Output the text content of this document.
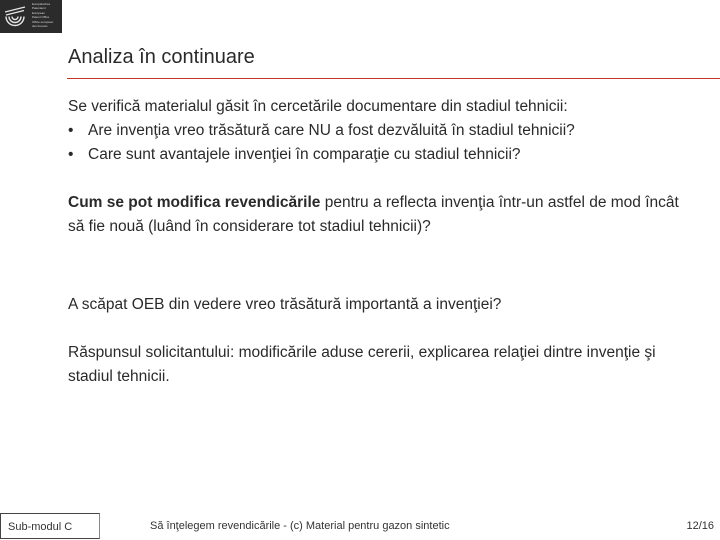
Europäisches
Patentamt
European
Patent Office
Office européen
des brevets
Analiza în continuare

Se verifică materialul găsit în cercetările documentare din stadiul tehnicii:

• Are invenţia vreo trăsătură care NU a fost dezvăluită în stadiul tehnicii?
• Care sunt avantajele invenţiei în comparaţie cu stadiul tehnicii?

Cum se pot modifica revendicările pentru a reflecta invenţia într-un astfel de mod încât să fie nouă (luând în considerare tot stadiul tehnicii)?

A scăpat OEB din vedere vreo trăsătură importantă a invenţiei?

Răspunsul solicitantului: modificările aduse cererii, explicarea relaţiei dintre invenţie şi stadiul tehnicii.

Sub-modul C	Să înţelegem revendicările - (c) Material pentru gazon sintetic	12/16
